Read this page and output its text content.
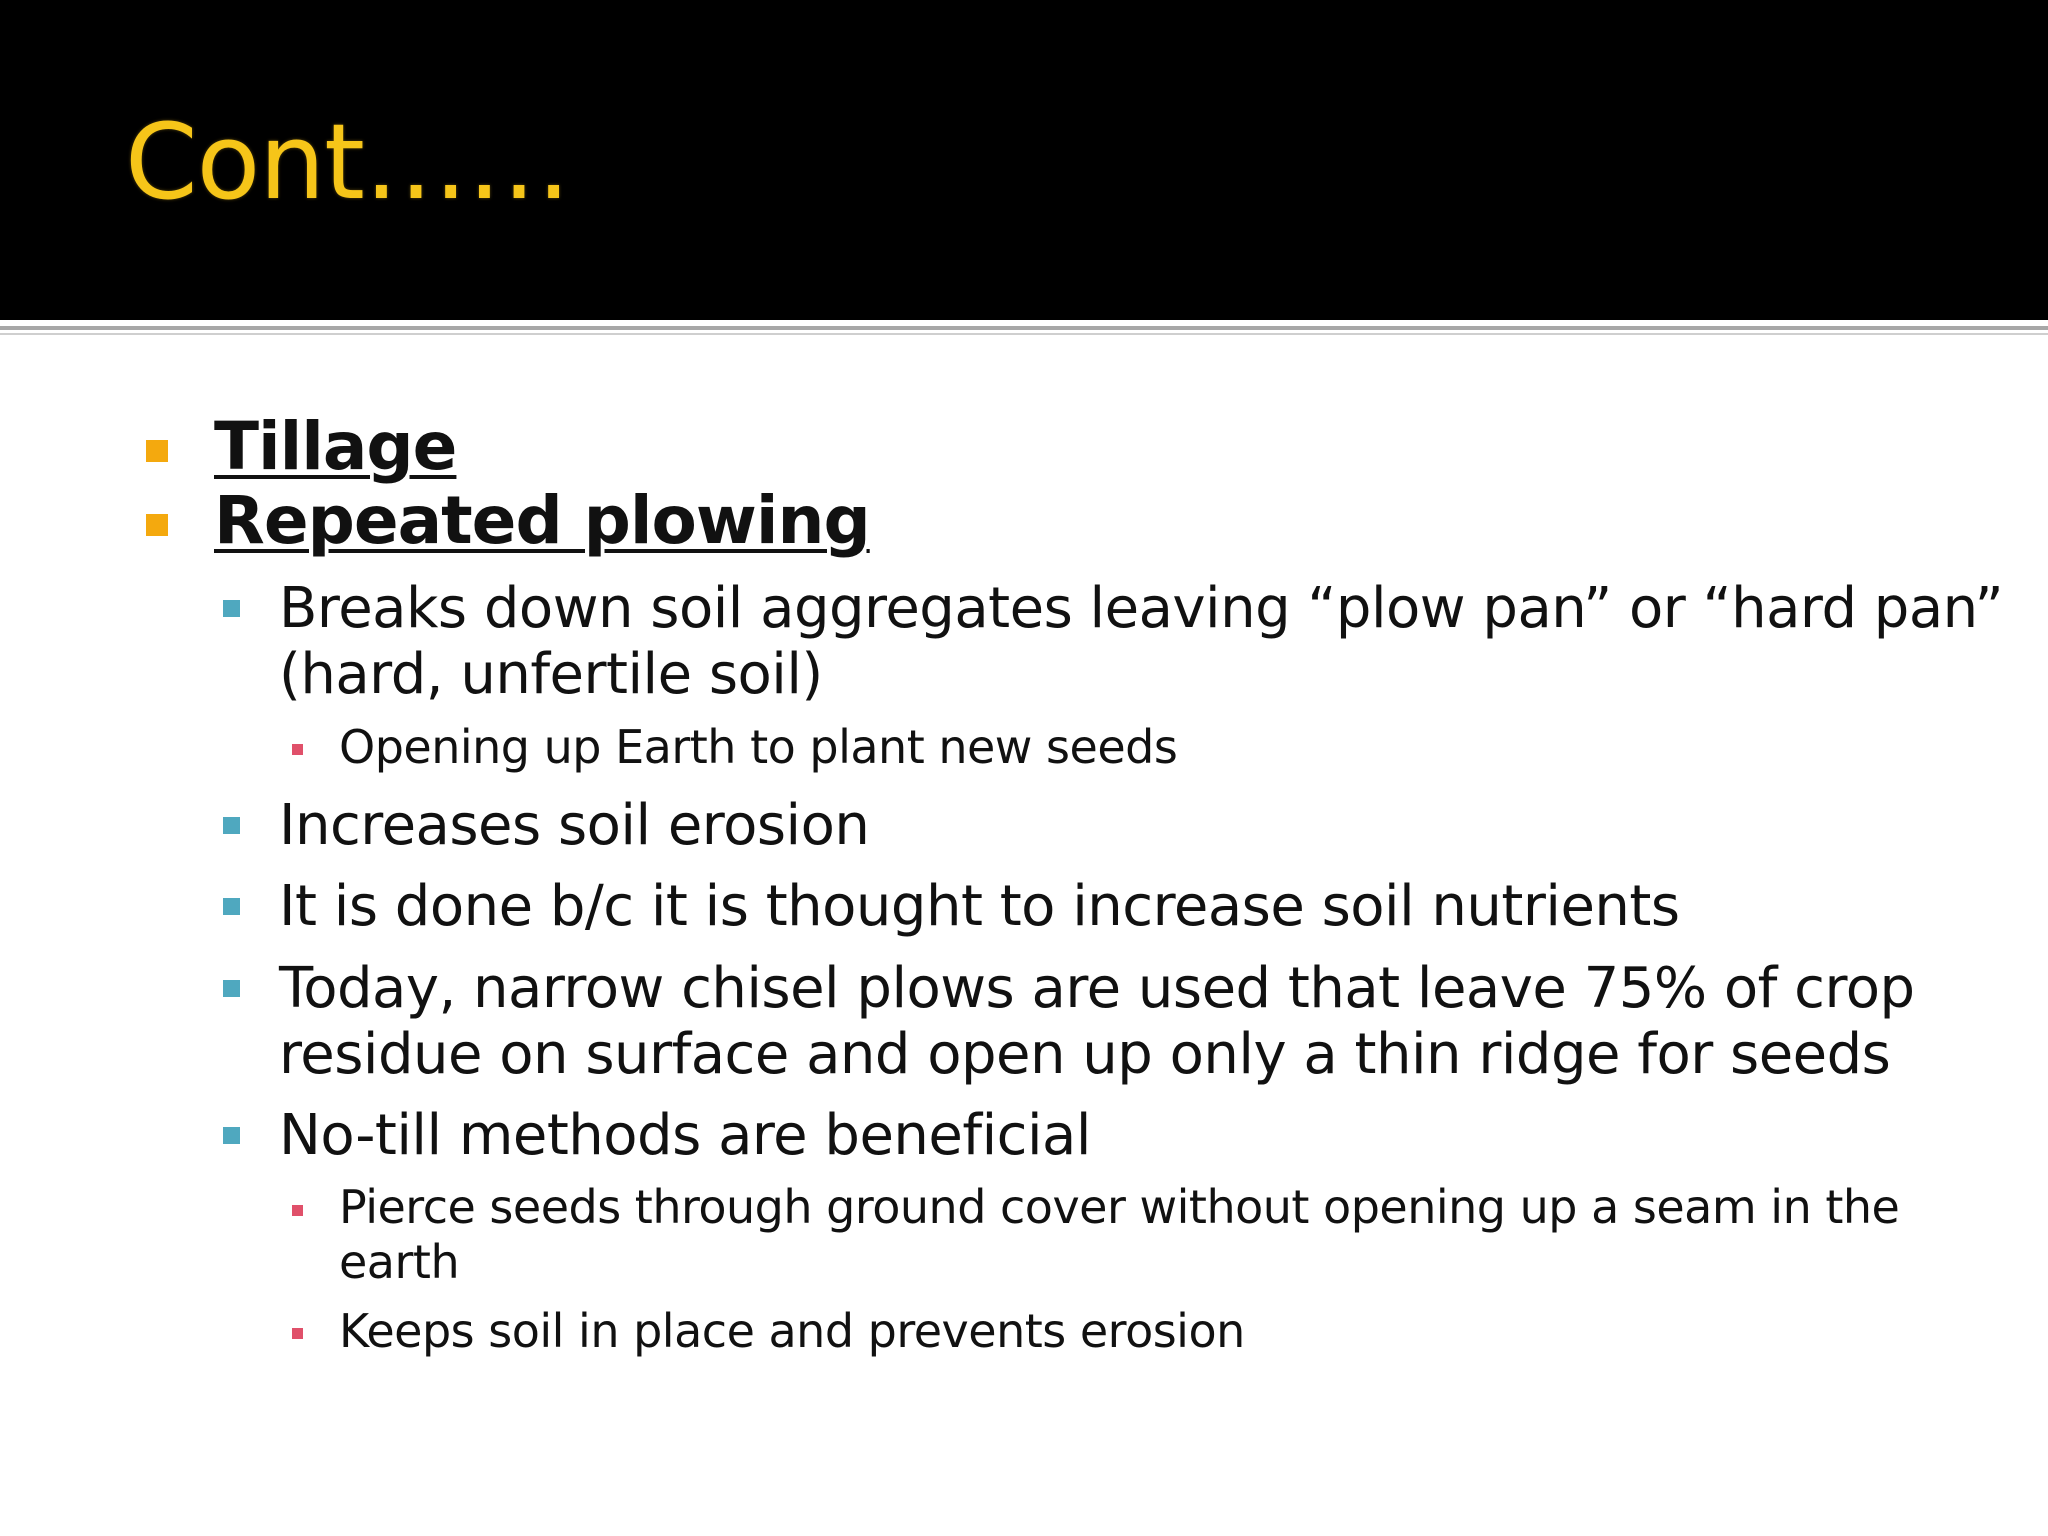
Cont……
Tillage
Repeated plowing
Breaks down soil aggregates leaving “plow pan” or “hard pan” (hard, unfertile soil)
Opening up Earth to plant new seeds
Increases soil erosion
It is done b/c it is thought to increase soil nutrients
Today, narrow chisel plows are used that leave 75% of crop residue on surface and open up only a thin ridge for seeds
No-till methods are beneficial
Pierce seeds through ground cover without opening up a seam in the earth
Keeps soil in place and prevents erosion
